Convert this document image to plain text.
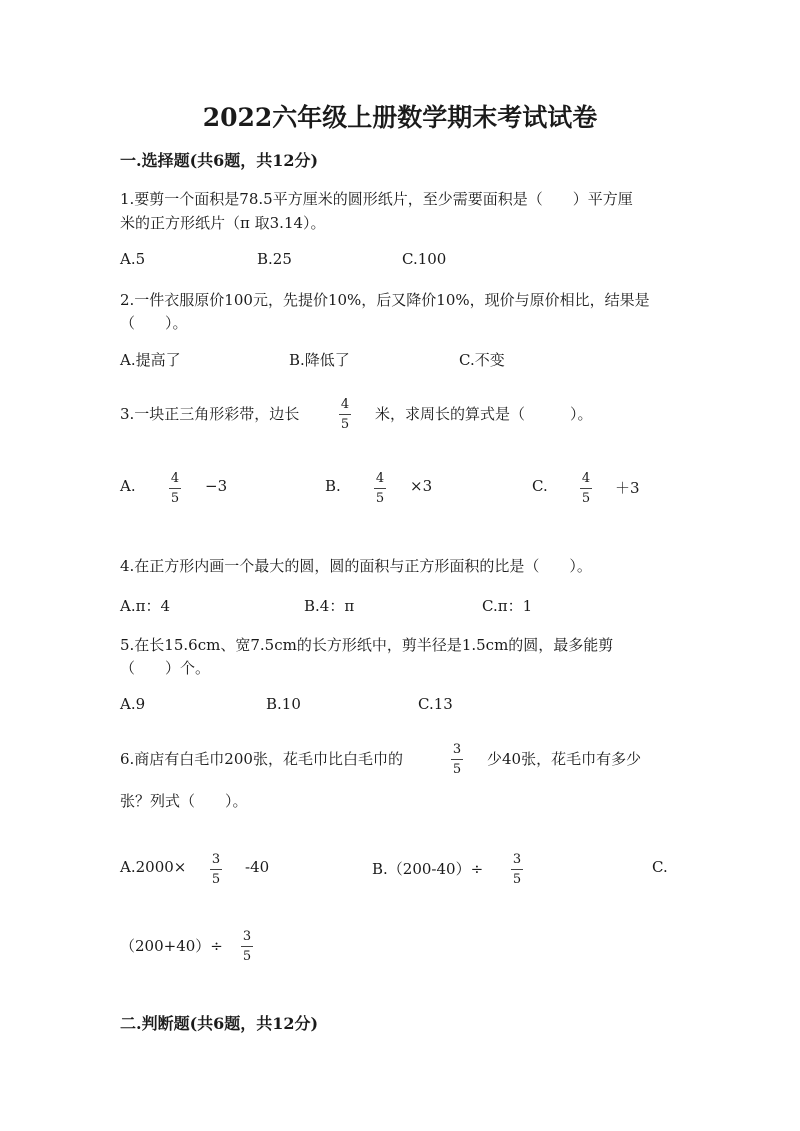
2022六年级上册数学期末考试试卷
一.选择题(共6题，共12分)
1.要剪一个面积是78.5平方厘米的圆形纸片，至少需要面积是（　　）平方厘
米的正方形纸片（π 取3.14）。
A.5	B.25	C.100
2.一件衣服原价100元，先提价10%，后又降价10%，现价与原价相比，结果是
（　　）。
A.提高了	B.降低了	C.不变
3.一块正三角形彩带，边长
4
5
米，求周长的算式是（　　　）。
A.	4
5
−3	B.	4
5
×3	C.	4
5
＋3
4.在正方形内画一个最大的圆，圆的面积与正方形面积的比是（　　）。
A.π：4	B.4：π	C.π：1
5.在长15.6cm、宽7.5cm的长方形纸中，剪半径是1.5cm的圆，最多能剪
（　　）个。
A.9	B.10	C.13
6.商店有白毛巾200张，花毛巾比白毛巾的
3
5
少40张，花毛巾有多少
张？列式（　　）。
A.2000× 3
5
-40	B.（200-40）÷
3
5
C.
（200+40）÷
3
5
二.判断题(共6题，共12分)
